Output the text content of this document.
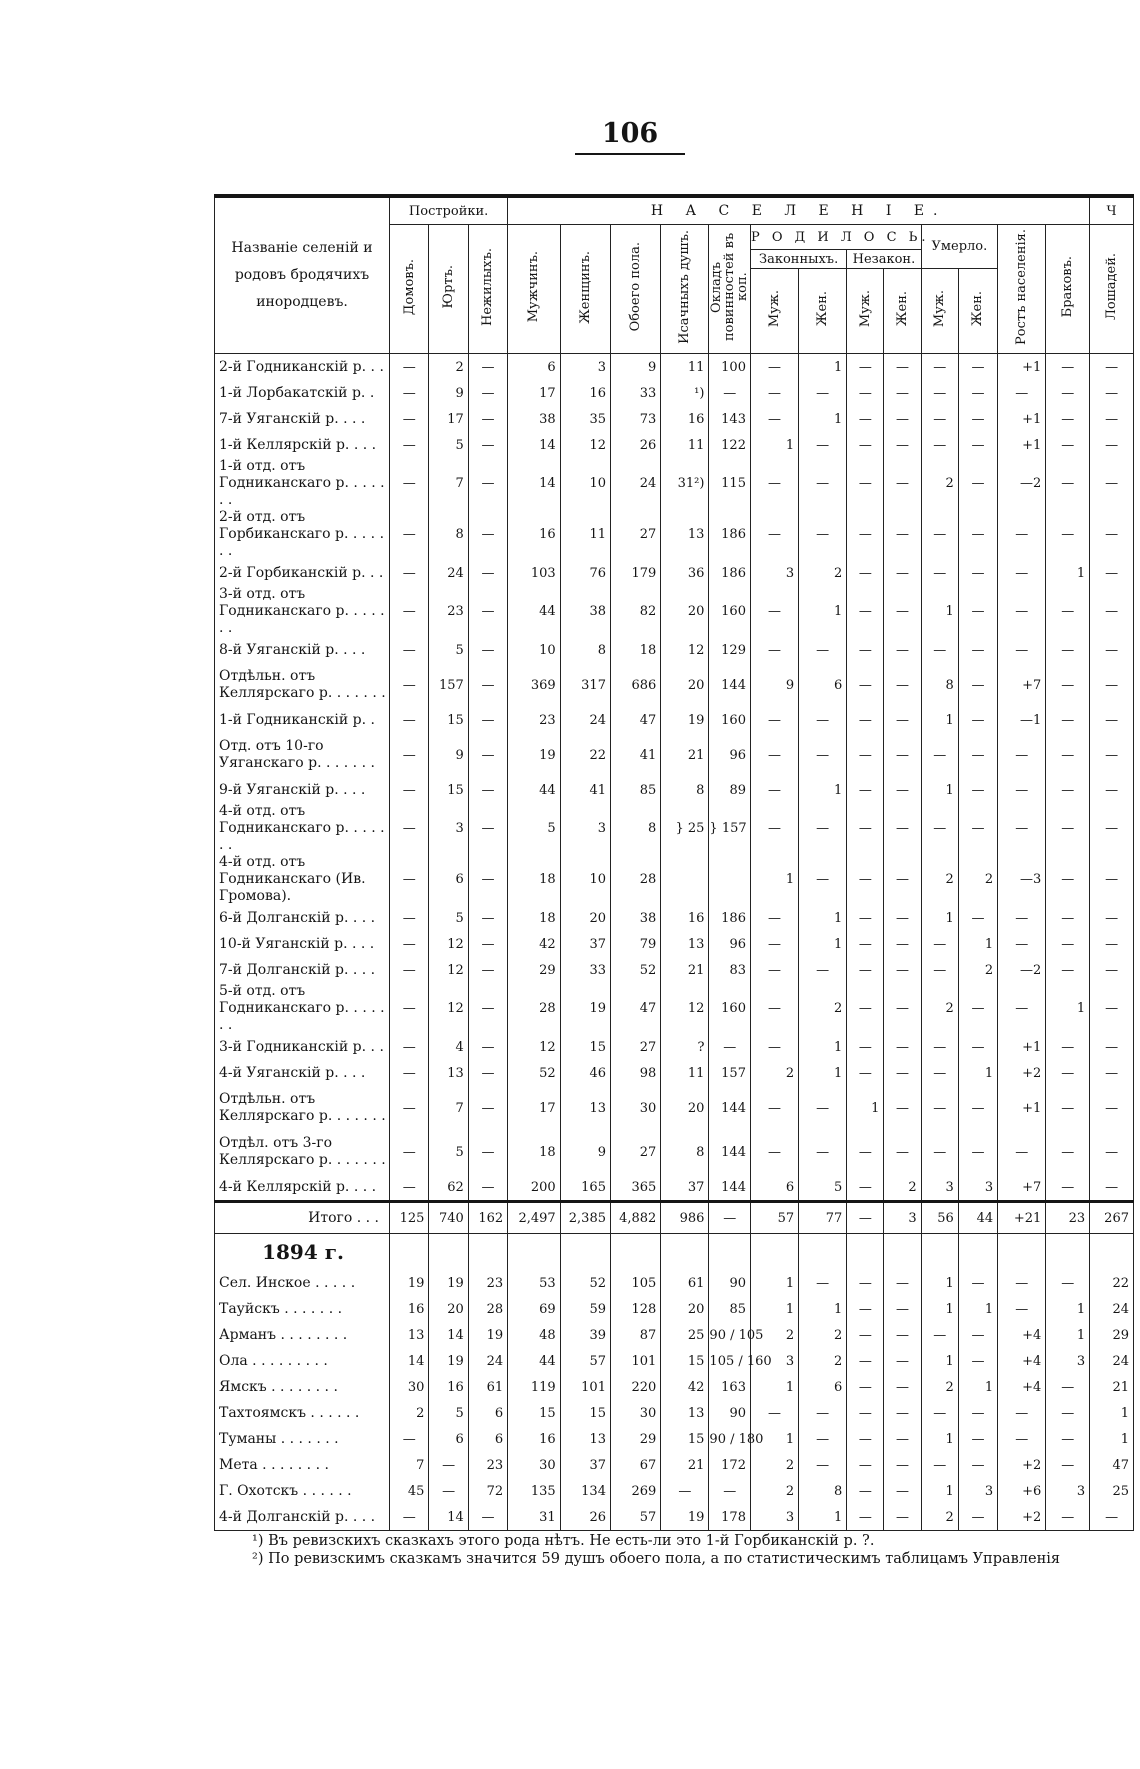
106
Названіе селеній и родовъ бродячихъ инородцевъ.	Постройки.			Н А С Е Л Е Н І Е.													Ч
	Домовъ.	Юртъ.	Нежилыхъ.	Мужчинъ.	Женщинъ.	Обоего пола.	Исачныхъ душъ.	Окладъ повинностей въ коп.	Р О Д И Л О С Ь.				Умерло.		Ростъ населенія.	Браковъ.	Лошадей.
									Законныхъ.		Незакон.						
									Муж.	Жен.	Муж.	Жен.	Муж.	Жен.			
2-й Годниканскій р. . .	—	2	—	6	3	9	11	100	—	1	—	—	—	—	+1	—	—
1-й Лорбакатскій р. .	—	9	—	17	16	33	¹)	—	—	—	—	—	—	—	—	—	—
7-й Уяганскій р. . . .	—	17	—	38	35	73	16	143	—	1	—	—	—	—	+1	—	—
1-й Келлярскій р. . . .	—	5	—	14	12	26	11	122	1	—	—	—	—	—	+1	—	—
1-й отд. отъ Годниканскаго р. . . . . . .	—	7	—	14	10	24	31²)	115	—	—	—	—	2	—	—2	—	—
2-й отд. отъ Горбиканскаго р. . . . . . .	—	8	—	16	11	27	13	186	—	—	—	—	—	—	—	—	—
2-й Горбиканскій р. . .	—	24	—	103	76	179	36	186	3	2	—	—	—	—	—	1	—
3-й отд. отъ Годниканскаго р. . . . . . .	—	23	—	44	38	82	20	160	—	1	—	—	1	—	—	—	—
8-й Уяганскій р. . . .	—	5	—	10	8	18	12	129	—	—	—	—	—	—	—	—	—
Отдѣльн. отъ Келлярскаго р. . . . . . .	—	157	—	369	317	686	20	144	9	6	—	—	8	—	+7	—	—
1-й Годниканскій р. .	—	15	—	23	24	47	19	160	—	—	—	—	1	—	—1	—	—
Отд. отъ 10-го Уяганскаго р. . . . . . .	—	9	—	19	22	41	21	96	—	—	—	—	—	—	—	—	—
9-й Уяганскій р. . . .	—	15	—	44	41	85	8	89	—	1	—	—	1	—	—	—	—
4-й отд. отъ Годниканскаго р. . . . . . .	—	3	—	5	3	8	} 25	} 157	—	—	—	—	—	—	—	—	—
4-й отд. отъ Годниканскаго (Ив. Громова).	—	6	—	18	10	28			1	—	—	—	2	2	—3	—	—
6-й Долганскій р. . . .	—	5	—	18	20	38	16	186	—	1	—	—	1	—	—	—	—
10-й Уяганскій р. . . .	—	12	—	42	37	79	13	96	—	1	—	—	—	1	—	—	—
7-й Долганскій р. . . .	—	12	—	29	33	52	21	83	—	—	—	—	—	2	—2	—	—
5-й отд. отъ Годниканскаго р. . . . . . .	—	12	—	28	19	47	12	160	—	2	—	—	2	—	—	1	—
3-й Годниканскій р. . .	—	4	—	12	15	27	?	—	—	1	—	—	—	—	+1	—	—
4-й Уяганскій р. . . .	—	13	—	52	46	98	11	157	2	1	—	—	—	1	+2	—	—
Отдѣльн. отъ Келлярскаго р. . . . . . .	—	7	—	17	13	30	20	144	—	—	1	—	—	—	+1	—	—
Отдѣл. отъ 3-го Келлярскаго р. . . . . . .	—	5	—	18	9	27	8	144	—	—	—	—	—	—	—	—	—
4-й Келлярскій р. . . .	—	62	—	200	165	365	37	144	6	5	—	2	3	3	+7	—	—
Итого . . .	125	740	162	2,497	2,385	4,882	986	—	57	77	—	3	56	44	+21	23	267
1894 г.																	
Сел. Инское . . . . .	19	19	23	53	52	105	61	90	1	—	—	—	1	—	—	—	22
Тауйскъ . . . . . . .	16	20	28	69	59	128	20	85	1	1	—	—	1	1	—	1	24
Арманъ . . . . . . . .	13	14	19	48	39	87	25	90 / 105	2	2	—	—	—	—	+4	1	29
Ола . . . . . . . . .	14	19	24	44	57	101	15	105 / 160	3	2	—	—	1	—	+4	3	24
Ямскъ . . . . . . . .	30	16	61	119	101	220	42	163	1	6	—	—	2	1	+4	—	21
Тахтоямскъ . . . . . .	2	5	6	15	15	30	13	90	—	—	—	—	—	—	—	—	1
Туманы . . . . . . .	—	6	6	16	13	29	15	90 / 180	1	—	—	—	1	—	—	—	1
Мета . . . . . . . .	7	—	23	30	37	67	21	172	2	—	—	—	—	—	+2	—	47
Г. Охотскъ . . . . . .	45	—	72	135	134	269	—	—	2	8	—	—	1	3	+6	3	25
4-й Долганскій р. . . .	—	14	—	31	26	57	19	178	3	1	—	—	2	—	+2	—	—
¹) Въ ревизскихъ сказкахъ этого рода нѣтъ. Не есть-ли это 1-й Горбиканскій р. ?.
²) По ревизскимъ сказкамъ значится 59 душъ обоего пола, а по статистическимъ таблицамъ Управленія
